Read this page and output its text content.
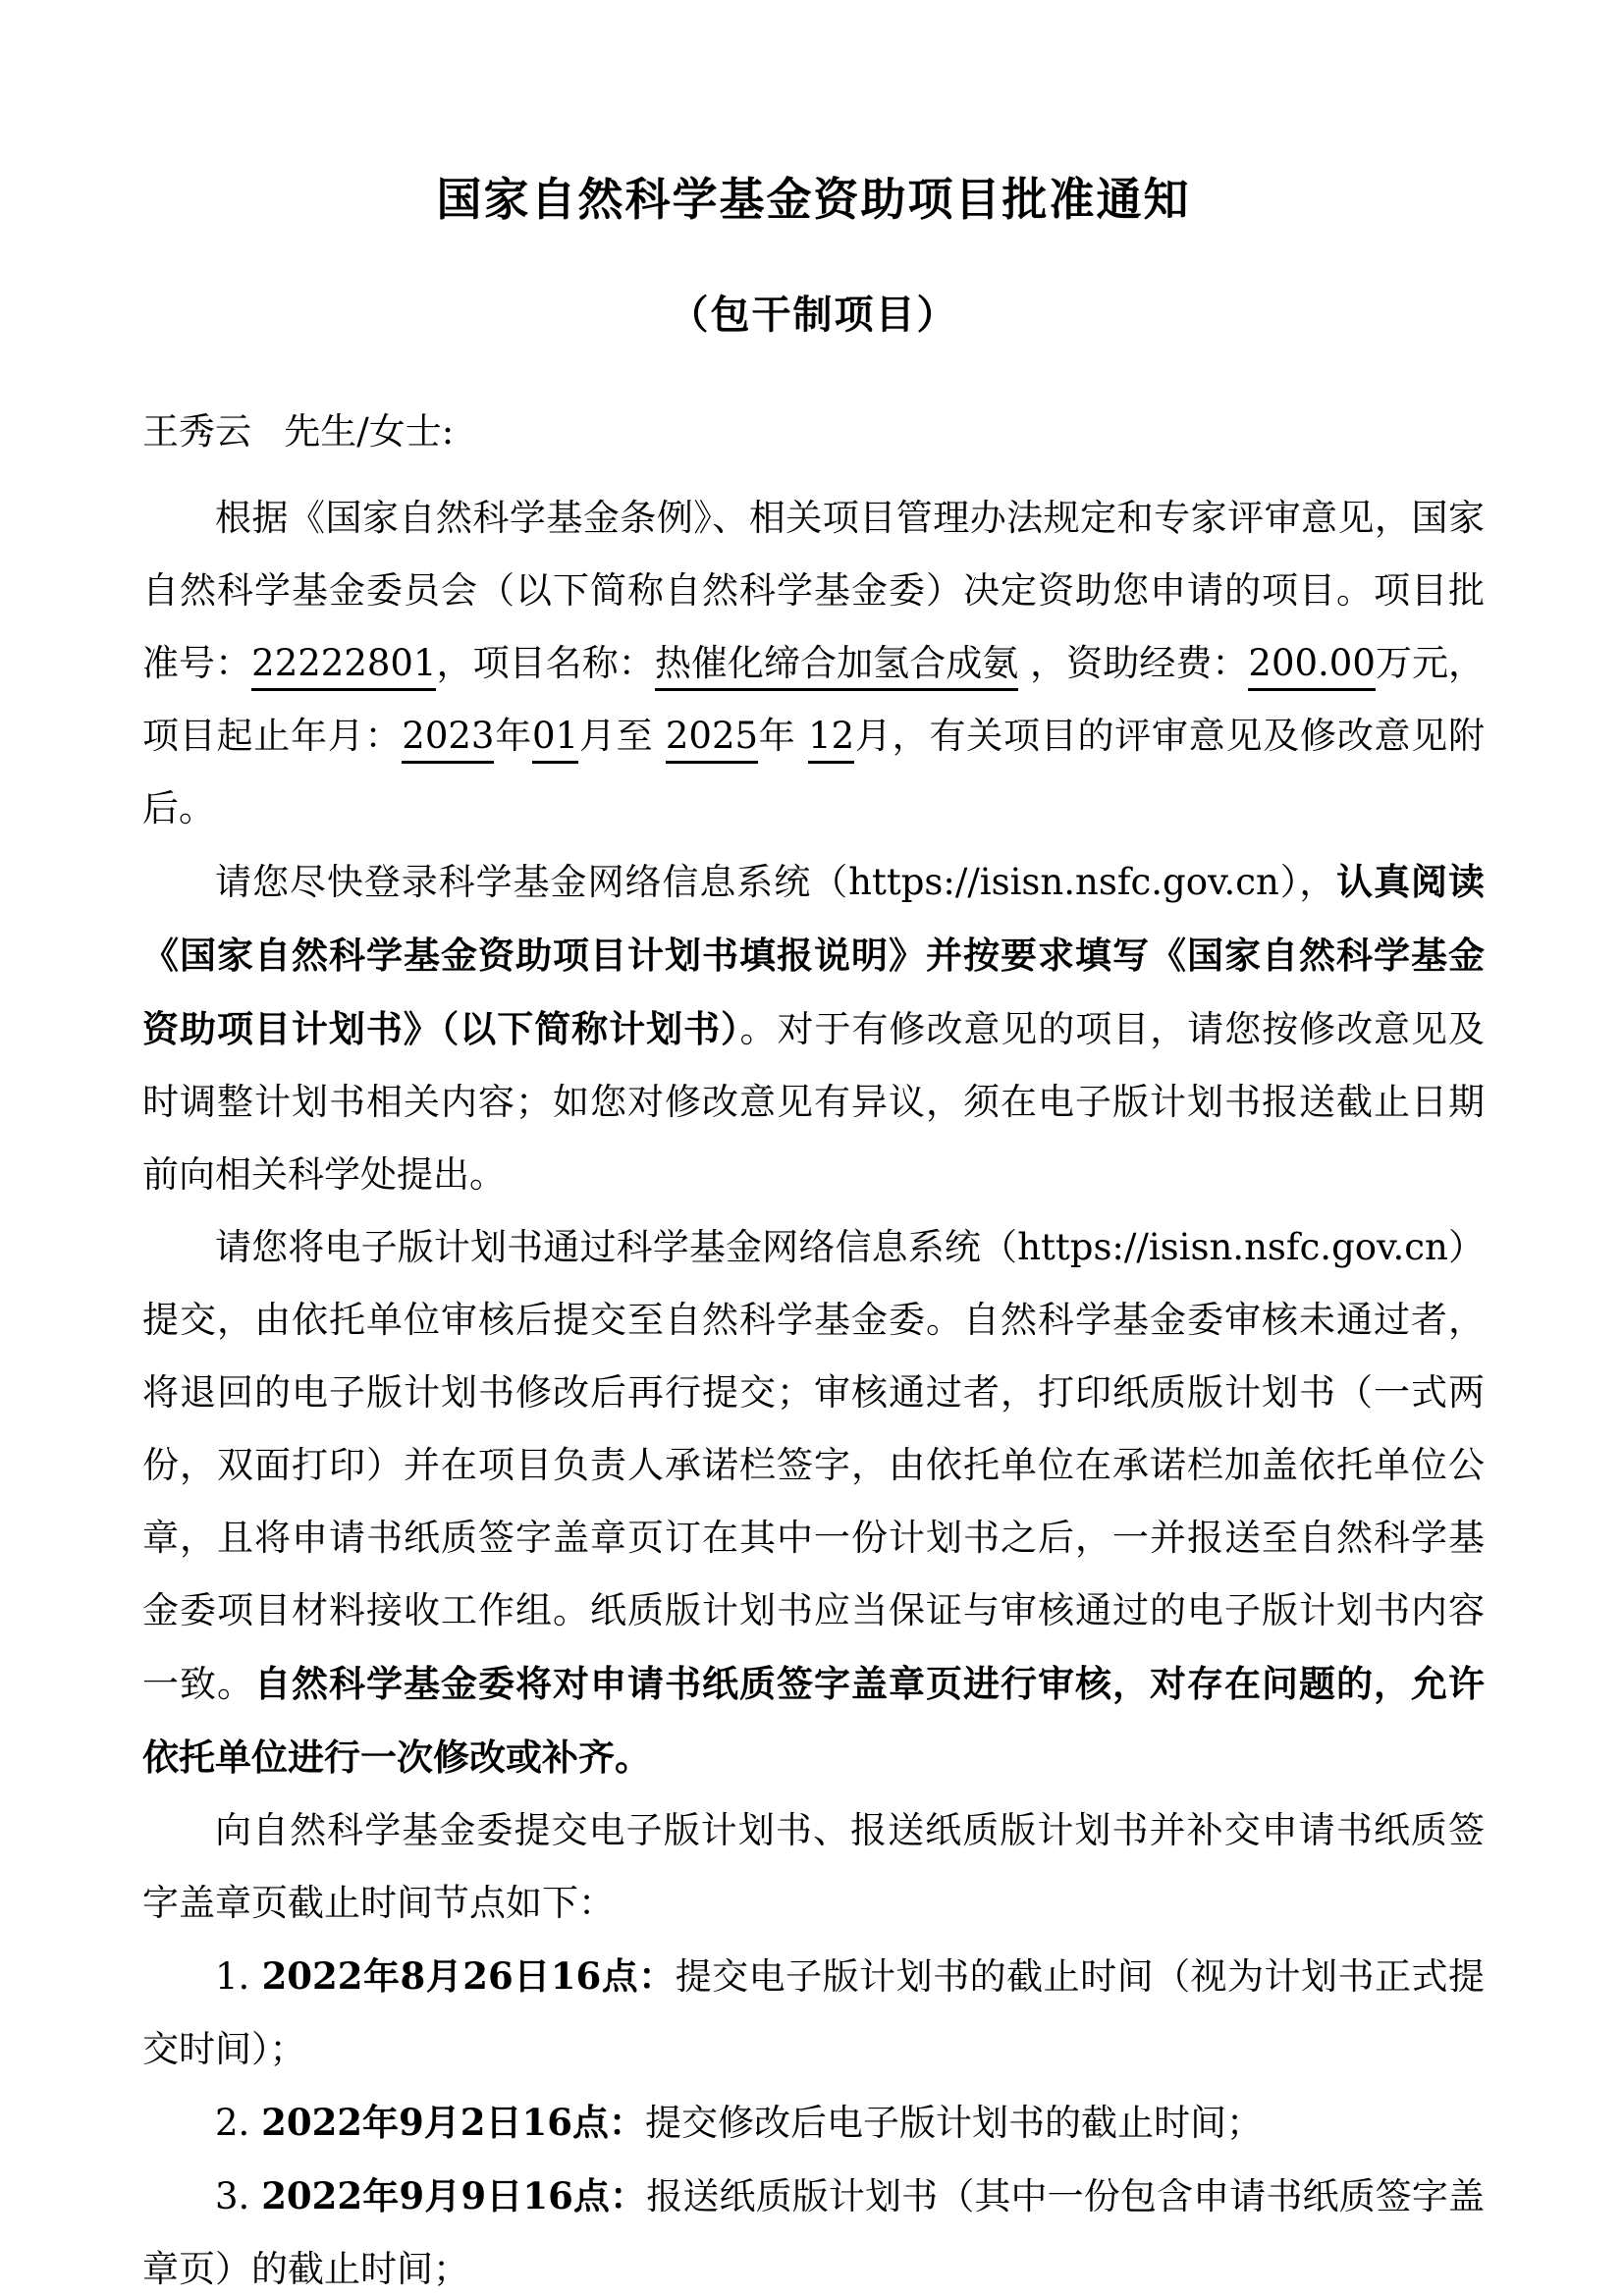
国家自然科学基金资助项目批准通知
（包干制项目）

王秀云 先生/女士:

根据《国家自然科学基金条例》、相关项目管理办法规定和专家评审意见，国家自然科学基金委员会（以下简称自然科学基金委）决定资助您申请的项目。项目批准号：22222801，项目名称：热催化缔合加氢合成氨 ，资助经费：200.00万元，项目起止年月：2023年01月至 2025年 12月，有关项目的评审意见及修改意见附后。

请您尽快登录科学基金网络信息系统（https://isisn.nsfc.gov.cn），认真阅读《国家自然科学基金资助项目计划书填报说明》并按要求填写《国家自然科学基金资助项目计划书》（以下简称计划书）。对于有修改意见的项目，请您按修改意见及时调整计划书相关内容；如您对修改意见有异议，须在电子版计划书报送截止日期前向相关科学处提出。

请您将电子版计划书通过科学基金网络信息系统（https://isisn.nsfc.gov.cn）提交，由依托单位审核后提交至自然科学基金委。自然科学基金委审核未通过者，将退回的电子版计划书修改后再行提交；审核通过者，打印纸质版计划书（一式两份，双面打印）并在项目负责人承诺栏签字，由依托单位在承诺栏加盖依托单位公章，且将申请书纸质签字盖章页订在其中一份计划书之后，一并报送至自然科学基金委项目材料接收工作组。纸质版计划书应当保证与审核通过的电子版计划书内容一致。自然科学基金委将对申请书纸质签字盖章页进行审核，对存在问题的，允许依托单位进行一次修改或补齐。

向自然科学基金委提交电子版计划书、报送纸质版计划书并补交申请书纸质签字盖章页截止时间节点如下：

1. 2022年8月26日16点：提交电子版计划书的截止时间（视为计划书正式提交时间）；

2. 2022年9月2日16点：提交修改后电子版计划书的截止时间；

3. 2022年9月9日16点：报送纸质版计划书（其中一份包含申请书纸质签字盖章页）的截止时间；
